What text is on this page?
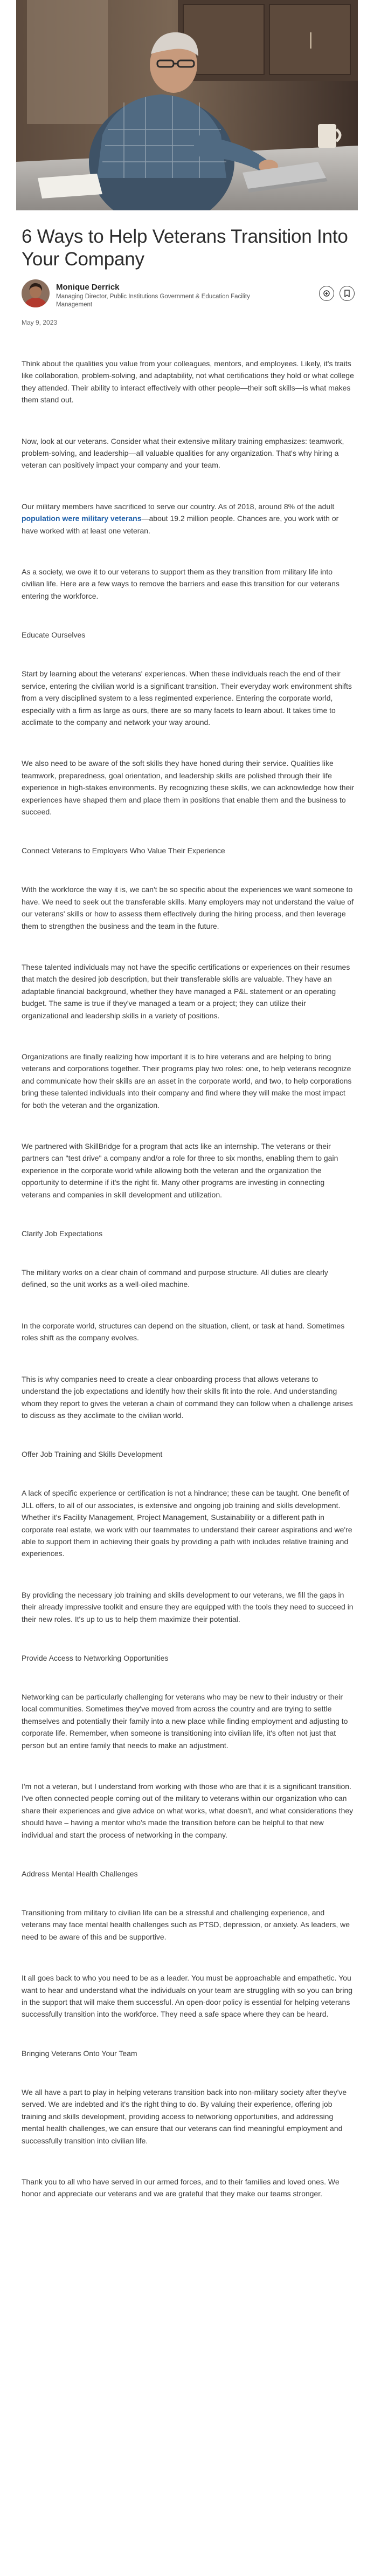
6 Ways to Help Veterans Transition Into Your Company
Monique Derrick
Managing Director, Public Institutions Government & Education Facility Management
May 9, 2023

Think about the qualities you value from your colleagues, mentors, and employees. Likely, it's traits like collaboration, problem-solving, and adaptability, not what certifications they hold or what college they attended. Their ability to interact effectively with other people—their soft skills—is what makes them stand out.

Now, look at our veterans. Consider what their extensive military training emphasizes: teamwork, problem-solving, and leadership—all valuable qualities for any organization. That's why hiring a veteran can positively impact your company and your team.

Our military members have sacrificed to serve our country. As of 2018, around 8% of the adult population were military veterans—about 19.2 million people. Chances are, you work with or have worked with at least one veteran.

As a society, we owe it to our veterans to support them as they transition from military life into civilian life. Here are a few ways to remove the barriers and ease this transition for our veterans entering the workforce.

Educate Ourselves

Start by learning about the veterans' experiences. When these individuals reach the end of their service, entering the civilian world is a significant transition. Their everyday work environment shifts from a very disciplined system to a less regimented experience. Entering the corporate world, especially with a firm as large as ours, there are so many facets to learn about. It takes time to acclimate to the company and network your way around.

We also need to be aware of the soft skills they have honed during their service. Qualities like teamwork, preparedness, goal orientation, and leadership skills are polished through their life experience in high-stakes environments. By recognizing these skills, we can acknowledge how their experiences have shaped them and place them in positions that enable them and the business to succeed.

Connect Veterans to Employers Who Value Their Experience

With the workforce the way it is, we can't be so specific about the experiences we want someone to have. We need to seek out the transferable skills. Many employers may not understand the value of our veterans' skills or how to assess them effectively during the hiring process, and then leverage them to strengthen the business and the team in the future.

These talented individuals may not have the specific certifications or experiences on their resumes that match the desired job description, but their transferable skills are valuable. They have an adaptable financial background, whether they have managed a P&L statement or an operating budget. The same is true if they've managed a team or a project; they can utilize their organizational and leadership skills in a variety of positions.

Organizations are finally realizing how important it is to hire veterans and are helping to bring veterans and corporations together. Their programs play two roles: one, to help veterans recognize and communicate how their skills are an asset in the corporate world, and two, to help corporations bring these talented individuals into their company and find where they will make the most impact for both the veteran and the organization.

We partnered with SkillBridge for a program that acts like an internship. The veterans or their partners can "test drive" a company and/or a role for three to six months, enabling them to gain experience in the corporate world while allowing both the veteran and the organization the opportunity to determine if it's the right fit. Many other programs are investing in connecting veterans and companies in skill development and utilization.

Clarify Job Expectations

The military works on a clear chain of command and purpose structure. All duties are clearly defined, so the unit works as a well-oiled machine.

In the corporate world, structures can depend on the situation, client, or task at hand. Sometimes roles shift as the company evolves.

This is why companies need to create a clear onboarding process that allows veterans to understand the job expectations and identify how their skills fit into the role. And understanding whom they report to gives the veteran a chain of command they can follow when a challenge arises to discuss as they acclimate to the civilian world.

Offer Job Training and Skills Development

A lack of specific experience or certification is not a hindrance; these can be taught. One benefit of JLL offers, to all of our associates, is extensive and ongoing job training and skills development. Whether it's Facility Management, Project Management, Sustainability or a different path in corporate real estate, we work with our teammates to understand their career aspirations and we're able to support them in achieving their goals by providing a path with includes relative training and experiences.

By providing the necessary job training and skills development to our veterans, we fill the gaps in their already impressive toolkit and ensure they are equipped with the tools they need to succeed in their new roles. It's up to us to help them maximize their potential.

Provide Access to Networking Opportunities

Networking can be particularly challenging for veterans who may be new to their industry or their local communities. Sometimes they've moved from across the country and are trying to settle themselves and potentially their family into a new place while finding employment and adjusting to corporate life. Remember, when someone is transitioning into civilian life, it's often not just that person but an entire family that needs to make an adjustment.

I'm not a veteran, but I understand from working with those who are that it is a significant transition. I've often connected people coming out of the military to veterans within our organization who can share their experiences and give advice on what works, what doesn't, and what considerations they should have – having a mentor who's made the transition before can be helpful to that new individual and start the process of networking in the company.

Address Mental Health Challenges

Transitioning from military to civilian life can be a stressful and challenging experience, and veterans may face mental health challenges such as PTSD, depression, or anxiety. As leaders, we need to be aware of this and be supportive.

It all goes back to who you need to be as a leader. You must be approachable and empathetic. You want to hear and understand what the individuals on your team are struggling with so you can bring in the support that will make them successful. An open-door policy is essential for helping veterans successfully transition into the workforce. They need a safe space where they can be heard.

Bringing Veterans Onto Your Team

We all have a part to play in helping veterans transition back into non-military society after they've served. We are indebted and it's the right thing to do. By valuing their experience, offering job training and skills development, providing access to networking opportunities, and addressing mental health challenges, we can ensure that our veterans can find meaningful employment and successfully transition into civilian life.

Thank you to all who have served in our armed forces, and to their families and loved ones. We honor and appreciate our veterans and we are grateful that they make our teams stronger.
